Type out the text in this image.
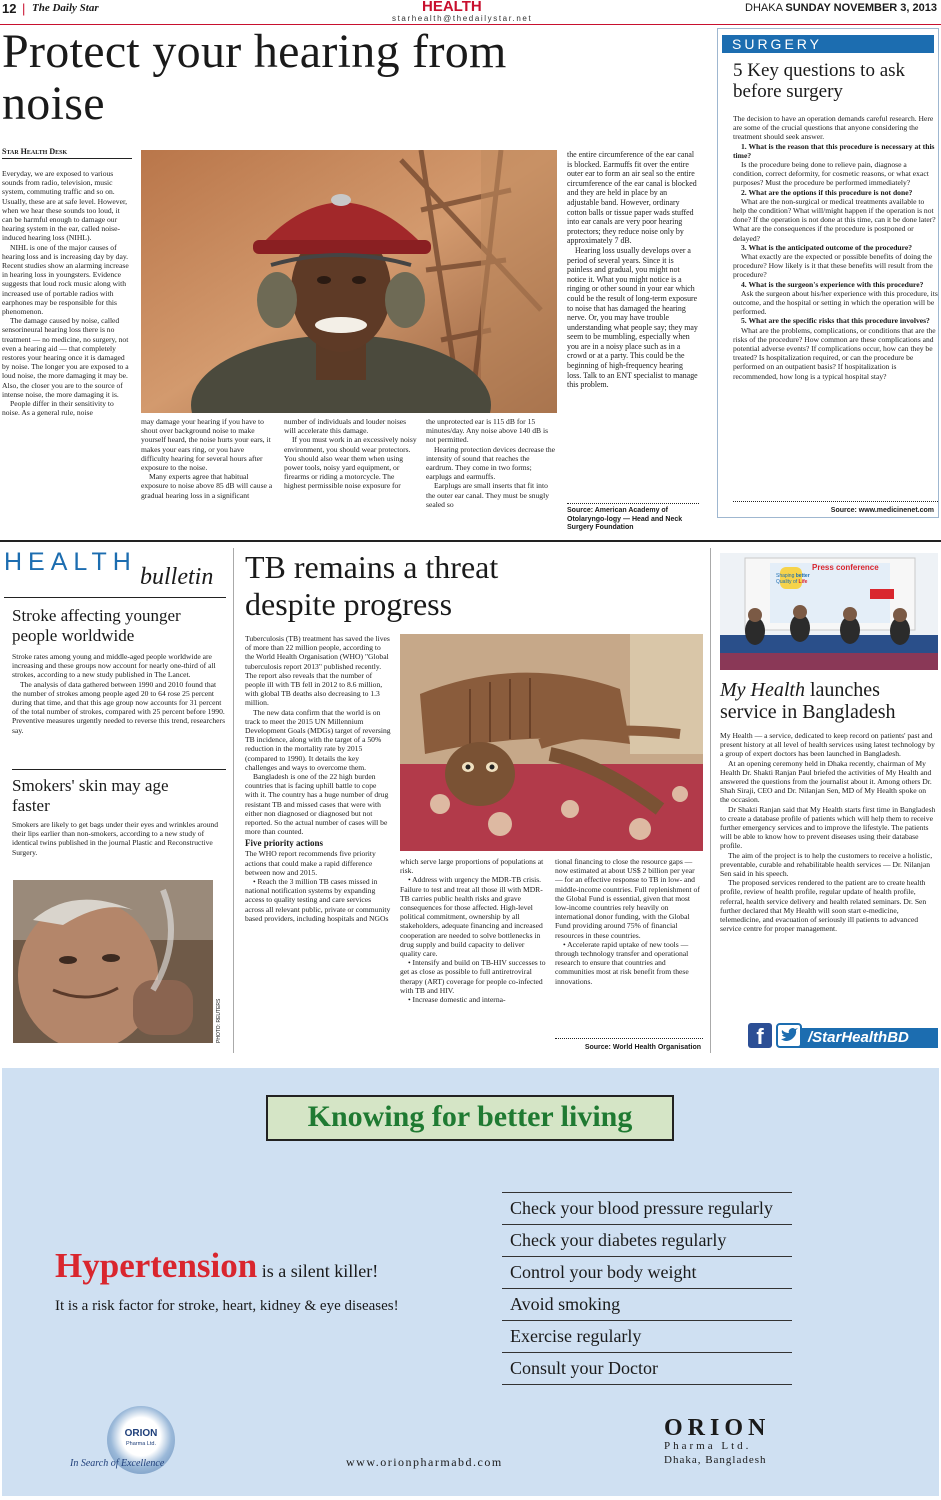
12 | The Daily Star	HEALTH
starhealth@thedailystar.net
DHAKA SUNDAY NOVEMBER 3, 2013
Protect your hearing from noise
Star Health Desk

Everyday, we are exposed to various sounds from radio, television, music system, commuting traffic and so on. Usually, these are at safe level. However, when we hear these sounds too loud, it can be harmful enough to damage our hearing system in the ear, called noise-induced hearing loss (NIHL).

NIHL is one of the major causes of hearing loss and is increasing day by day. Recent studies show an alarming increase in hearing loss in youngsters. Evidence suggests that loud rock music along with increased use of portable radios with earphones may be responsible for this phenomenon.

The damage caused by noise, called sensorineural hearing loss there is no treatment — no medicine, no surgery, not even a hearing aid — that completely restores your hearing once it is damaged by noise. The longer you are exposed to a loud noise, the more damaging it may be. Also, the closer you are to the source of intense noise, the more damaging it is.

People differ in their sensitivity to noise. As a general rule, noise

may damage your hearing if you have to shout over background noise to make yourself heard, the noise hurts your ears, it makes your ears ring, or you have difficulty hearing for several hours after exposure to the noise.

Many experts agree that habitual exposure to noise above 85 dB will cause a gradual hearing loss in a significant

number of individuals and louder noises will accelerate this damage.

If you must work in an excessively noisy environment, you should wear protectors. You should also wear them when using power tools, noisy yard equipment, or firearms or riding a motorcycle. The highest permissible noise exposure for

the unprotected ear is 115 dB for 15 minutes/day. Any noise above 140 dB is not permitted.

Hearing protection devices decrease the intensity of sound that reaches the eardrum. They come in two forms; earplugs and earmuffs.

Earplugs are small inserts that fit into the outer ear canal. They must be snugly sealed so

the entire circumference of the ear canal is blocked. Earmuffs fit over the entire outer ear to form an air seal so the entire circumference of the ear canal is blocked and they are held in place by an adjustable band. However, ordinary cotton balls or tissue paper wads stuffed into ear canals are very poor hearing protectors; they reduce noise only by approximately 7 dB.

Hearing loss usually develops over a period of several years. Since it is painless and gradual, you might not notice it. What you might notice is a ringing or other sound in your ear which could be the result of long-term exposure to noise that has damaged the hearing nerve. Or, you may have trouble understanding what people say; they may seem to be mumbling, especially when you are in a noisy place such as in a crowd or at a party. This could be the beginning of high-frequency hearing loss. Talk to an ENT specialist to manage this problem.

Source: American Academy of Otolaryngo-logy — Head and Neck Surgery Foundation
SURGERY
5 Key questions to ask before surgery

The decision to have an operation demands careful research. Here are some of the crucial questions that anyone considering the treatment should seek answer.

1. What is the reason that this procedure is necessary at this time?

Is the procedure being done to relieve pain, diagnose a condition, correct deformity, for cosmetic reasons, or what exact purposes? Must the procedure be performed immediately?

2. What are the options if this procedure is not done?

What are the non-surgical or medical treatments available to help the condition? What will/might happen if the operation is not done? If the operation is not done at this time, can it be done later? What are the consequences if the procedure is postponed or delayed?

3. What is the anticipated outcome of the procedure?

What exactly are the expected or possible benefits of doing the procedure? How likely is it that these benefits will result from the procedure?

4. What is the surgeon's experience with this procedure?

Ask the surgeon about his/her experience with this procedure, its outcome, and the hospital or setting in which the operation will be performed.

5. What are the specific risks that this procedure involves?

What are the problems, complications, or conditions that are the risks of the procedure? How common are these complications and potential adverse events? If complications occur, how can they be treated? Is hospitalization required, or can the procedure be performed on an outpatient basis? If hospitalization is recommended, how long is a typical hospital stay?

Source: www.medicinenet.com
HEALTH
bulletin
Stroke affecting younger people worldwide

Stroke rates among young and middle-aged people worldwide are increasing and these groups now account for nearly one-third of all strokes, according to a new study published in The Lancet.

The analysis of data gathered between 1990 and 2010 found that the number of strokes among people aged 20 to 64 rose 25 percent during that time, and that this age group now accounts for 31 percent of the total number of strokes, compared with 25 percent before 1990. Preventive measures urgently needed to reverse this trend, researchers say.

Smokers' skin may age faster

Smokers are likely to get bags under their eyes and wrinkles around their lips earlier than non-smokers, according to a new study of identical twins published in the journal Plastic and Reconstructive Surgery.

PHOTO: REUTERS
TB remains a threat despite progress

Tuberculosis (TB) treatment has saved the lives of more than 22 million people, according to the World Health Organisation (WHO) "Global tuberculosis report 2013" published recently. The report also reveals that the number of people ill with TB fell in 2012 to 8.6 million, with global TB deaths also decreasing to 1.3 million.

The new data confirm that the world is on track to meet the 2015 UN Millennium Development Goals (MDGs) target of reversing TB incidence, along with the target of a 50% reduction in the mortality rate by 2015 (compared to 1990). It details the key challenges and ways to overcome them.

Bangladesh is one of the 22 high burden countries that is facing uphill battle to cope with it. The country has a huge number of drug resistant TB and missed cases that were with either non diagnosed or diagnosed but not reported. So the actual number of cases will be more than counted.

Five priority actions

The WHO report recommends five priority actions that could make a rapid difference between now and 2015.

• Reach the 3 million TB cases missed in national notification systems by expanding access to quality testing and care services across all relevant public, private or community based providers, including hospitals and NGOs

which serve large proportions of populations at risk.

• Address with urgency the MDR-TB crisis. Failure to test and treat all those ill with MDR-TB carries public health risks and grave consequences for those affected. High-level political commitment, ownership by all stakeholders, adequate financing and increased cooperation are needed to solve bottlenecks in drug supply and build capacity to deliver quality care.

• Intensify and build on TB-HIV successes to get as close as possible to full antiretroviral therapy (ART) coverage for people co-infected with TB and HIV.

• Increase domestic and interna-

tional financing to close the resource gaps — now estimated at about US$ 2 billion per year — for an effective response to TB in low- and middle-income countries. Full replenishment of the Global Fund is essential, given that most low-income countries rely heavily on international donor funding, with the Global Fund providing around 75% of financial resources in these countries.

• Accelerate rapid uptake of new tools — through technology transfer and operational research to ensure that countries and communities most at risk benefit from these innovations.

Source: World Health Organisation
Press conference
Shaping better
Quality of Life
My Health launches service in Bangladesh

My Health — a service, dedicated to keep record on patients' past and present history at all level of health services using latest technology by a group of expert doctors has been launched in Bangladesh.

At an opening ceremony held in Dhaka recently, chairman of My Health Dr. Shakti Ranjan Paul briefed the activities of My Health and answered the questions from the journalist about it. Among others Dr. Shah Siraji, CEO and Dr. Nilanjan Sen, MD of My Health spoke on the occasion.

Dr Shakti Ranjan said that My Health starts first time in Bangladesh to create a database profile of patients which will help them to receive further emergency services and to improve the lifestyle. The patients will be able to know how to prevent diseases using their database profile.

The aim of the project is to help the customers to receive a holistic, preventable, curable and rehabilitable health services — Dr. Nilanjan Sen said in his speech.

The proposed services rendered to the patient are to create health profile, review of health profile, regular update of health profile, referral, health service delivery and health related seminars. Dr. Sen further declared that My Health will soon start e-medicine, telemedicine, and evacuation of seriously ill patients to advanced service centre for proper management.

f	/StarHealthBD
Knowing for better living
Check your blood pressure regularly
Check your diabetes regularly
Control your body weight
Avoid smoking
Exercise regularly
Consult your Doctor
Hypertension is a silent killer!
It is a risk factor for stroke, heart, kidney & eye diseases!
ORION
Pharma Ltd.
In Search of Excellence	www.orionpharmabd.com
ORION
Pharma Ltd.
Dhaka, Bangladesh
